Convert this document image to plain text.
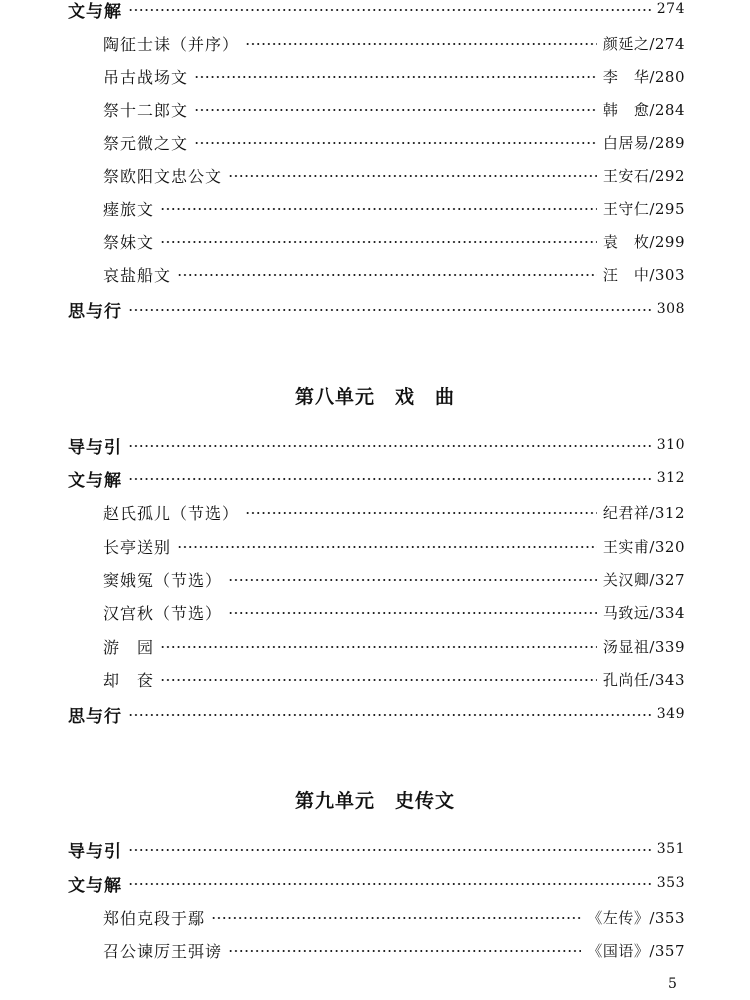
文与解	274
陶征士诔（并序）	颜延之/274
吊古战场文	李　华/280
祭十二郎文	韩　愈/284
祭元微之文	白居易/289
祭欧阳文忠公文	王安石/292
瘗旅文	王守仁/295
祭妹文	袁　枚/299
哀盐船文	汪　中/303
思与行	308
第八单元　戏　曲
导与引	310
文与解	312
赵氏孤儿（节选）	纪君祥/312
长亭送别	王实甫/320
窦娥冤（节选）	关汉卿/327
汉宫秋（节选）	马致远/334
游　园	汤显祖/339
却　奁	孔尚任/343
思与行	349
第九单元　史传文
导与引	351
文与解	353
郑伯克段于鄢	《左传》/353
召公谏厉王弭谤	《国语》/357
5
